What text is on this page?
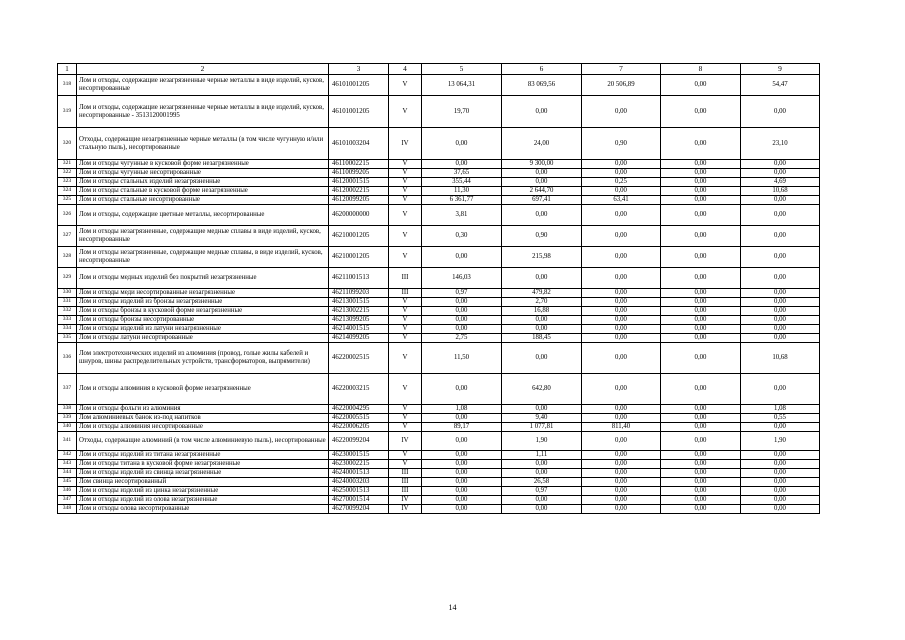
1	2	3	4	5	6	7	8	9
318	Лом и отходы, содержащие незагрязненные черные металлы в виде изделий, кусков, несортированные	46101001205	V	13 064,31	83 069,56	20 506,89	0,00	54,47
319	Лом и отходы, содержащие незагрязненные черные металлы в виде изделий, кусков, несортированные - 3513120001995	46101001205	V	19,70	0,00	0,00	0,00	0,00
320	Отходы, содержащие незагрязненные черные металлы (в том числе чугунную и/или стальную пыль), несортированные	46101003204	IV	0,00	24,00	0,90	0,00	23,10
321	Лом и отходы чугунные в кусковой форме незагрязненные	46110002215	V	0,00	9 300,00	0,00	0,00	0,00
322	Лом и отходы чугунные несортированные	46110099205	V	37,65	0,00	0,00	0,00	0,00
323	Лом и отходы стальных изделий незагрязненные	46120001515	V	355,44	0,00	0,25	0,00	4,69
324	Лом и отходы стальные в кусковой форме незагрязненные	46120002215	V	11,30	2 644,70	0,00	0,00	10,68
325	Лом и отходы стальные несортированные	46120099205	V	6 361,77	697,41	63,41	0,00	0,00
326	Лом и отходы, содержащие цветные металлы, несортированные	46200000000	V	3,81	0,00	0,00	0,00	0,00
327	Лом и отходы незагрязненные, содержащие медные сплавы в виде изделий, кусков, несортированные	46210001205	V	0,30	0,90	0,00	0,00	0,00
328	Лом и отходы незагрязненные, содержащие медные сплавы, в виде изделий, кусков, несортированные	46210001205	V	0,00	215,98	0,00	0,00	0,00
329	Лом и отходы медных изделий без покрытий незагрязненные	46211001513	III	146,03	0,00	0,00	0,00	0,00
330	Лом и отходы меди несортированные незагрязненные	46211099203	III	0,97	479,82	0,00	0,00	0,00
331	Лом и отходы изделий из бронзы незагрязненные	46213001515	V	0,00	2,70	0,00	0,00	0,00
332	Лом и отходы бронзы в кусковой форме незагрязненные	46213002215	V	0,00	16,88	0,00	0,00	0,00
333	Лом и отходы бронзы несортированные	46213099205	V	0,00	0,00	0,00	0,00	0,00
334	Лом и отходы изделий из латуни незагрязненные	46214001515	V	0,00	0,00	0,00	0,00	0,00
335	Лом и отходы латуни несортированные	46214099205	V	2,75	188,45	0,00	0,00	0,00
336	Лом электротехнических изделий из алюминия (провод, голые жилы кабелей и шнуров, шины распределительных устройств, трансформаторов, выпрямители)	46220002515	V	11,50	0,00	0,00	0,00	10,68
337	Лом и отходы алюминия в кусковой форме незагрязненные	46220003215	V	0,00	642,80	0,00	0,00	0,00
338	Лом и отходы фольги из алюминия	46220004295	V	1,08	0,00	0,00	0,00	1,08
339	Лом алюминиевых банок из-под напитков	46220005515	V	0,00	9,40	0,00	0,00	0,55
340	Лом и отходы алюминия несортированные	46220006205	V	89,17	1 077,81	811,40	0,00	0,00
341	Отходы, содержащие алюминий (в том числе алюминиевую пыль), несортированные	46220099204	IV	0,00	1,90	0,00	0,00	1,90
342	Лом и отходы изделий из титана незагрязненные	46230001515	V	0,00	1,11	0,00	0,00	0,00
343	Лом и отходы титана в кусковой форме незагрязненные	46230002215	V	0,00	0,00	0,00	0,00	0,00
344	Лом и отходы изделий из свинца незагрязненные	46240001513	III	0,00	0,00	0,00	0,00	0,00
345	Лом свинца несортированный	46240003203	III	0,00	26,58	0,00	0,00	0,00
346	Лом и отходы изделий из цинка незагрязненные	46250001513	III	0,00	0,97	0,00	0,00	0,00
347	Лом и отходы изделий из олова незагрязненные	46270001514	IV	0,00	0,00	0,00	0,00	0,00
348	Лом и отходы олова несортированные	46270099204	IV	0,00	0,00	0,00	0,00	0,00
14
